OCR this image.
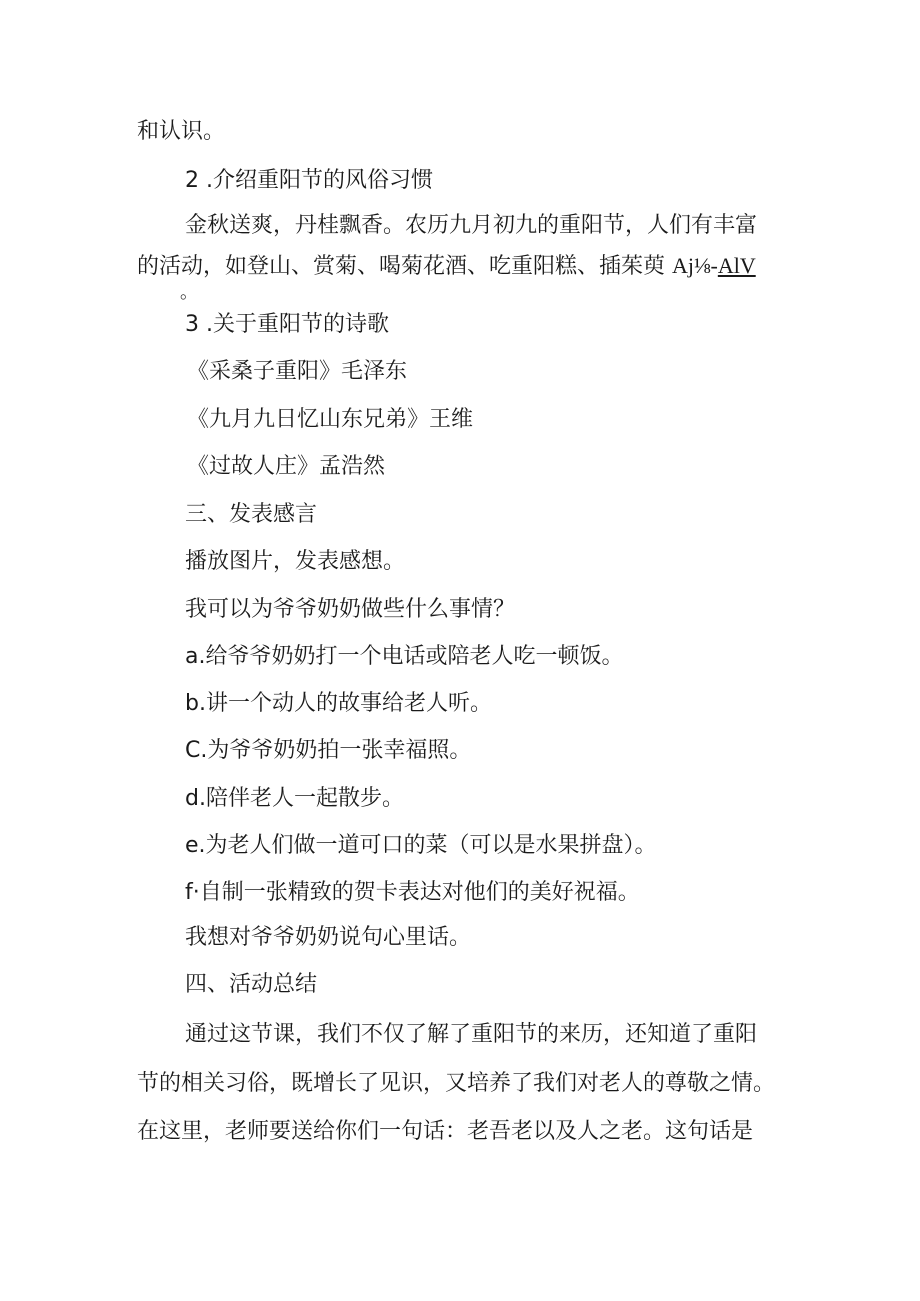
和认识。

2 .介绍重阳节的风俗习惯

金秋送爽，丹桂飘香。农历九月初九的重阳节，人们有丰富

的活动，如登山、赏菊、喝菊花酒、吃重阳糕、插茱萸 Aj⅛-AlV

。

3 .关于重阳节的诗歌

《采桑子重阳》毛泽东

《九月九日忆山东兄弟》王维

《过故人庄》孟浩然

三、发表感言

播放图片，发表感想。

我可以为爷爷奶奶做些什么事情？

a.给爷爷奶奶打一个电话或陪老人吃一顿饭。

b.讲一个动人的故事给老人听。

C.为爷爷奶奶拍一张幸福照。

d.陪伴老人一起散步。

e.为老人们做一道可口的菜（可以是水果拼盘）。

f·自制一张精致的贺卡表达对他们的美好祝福。

我想对爷爷奶奶说句心里话。

四、活动总结

通过这节课，我们不仅了解了重阳节的来历，还知道了重阳

节的相关习俗，既增长了见识，又培养了我们对老人的尊敬之情。

在这里，老师要送给你们一句话：老吾老以及人之老。这句话是
